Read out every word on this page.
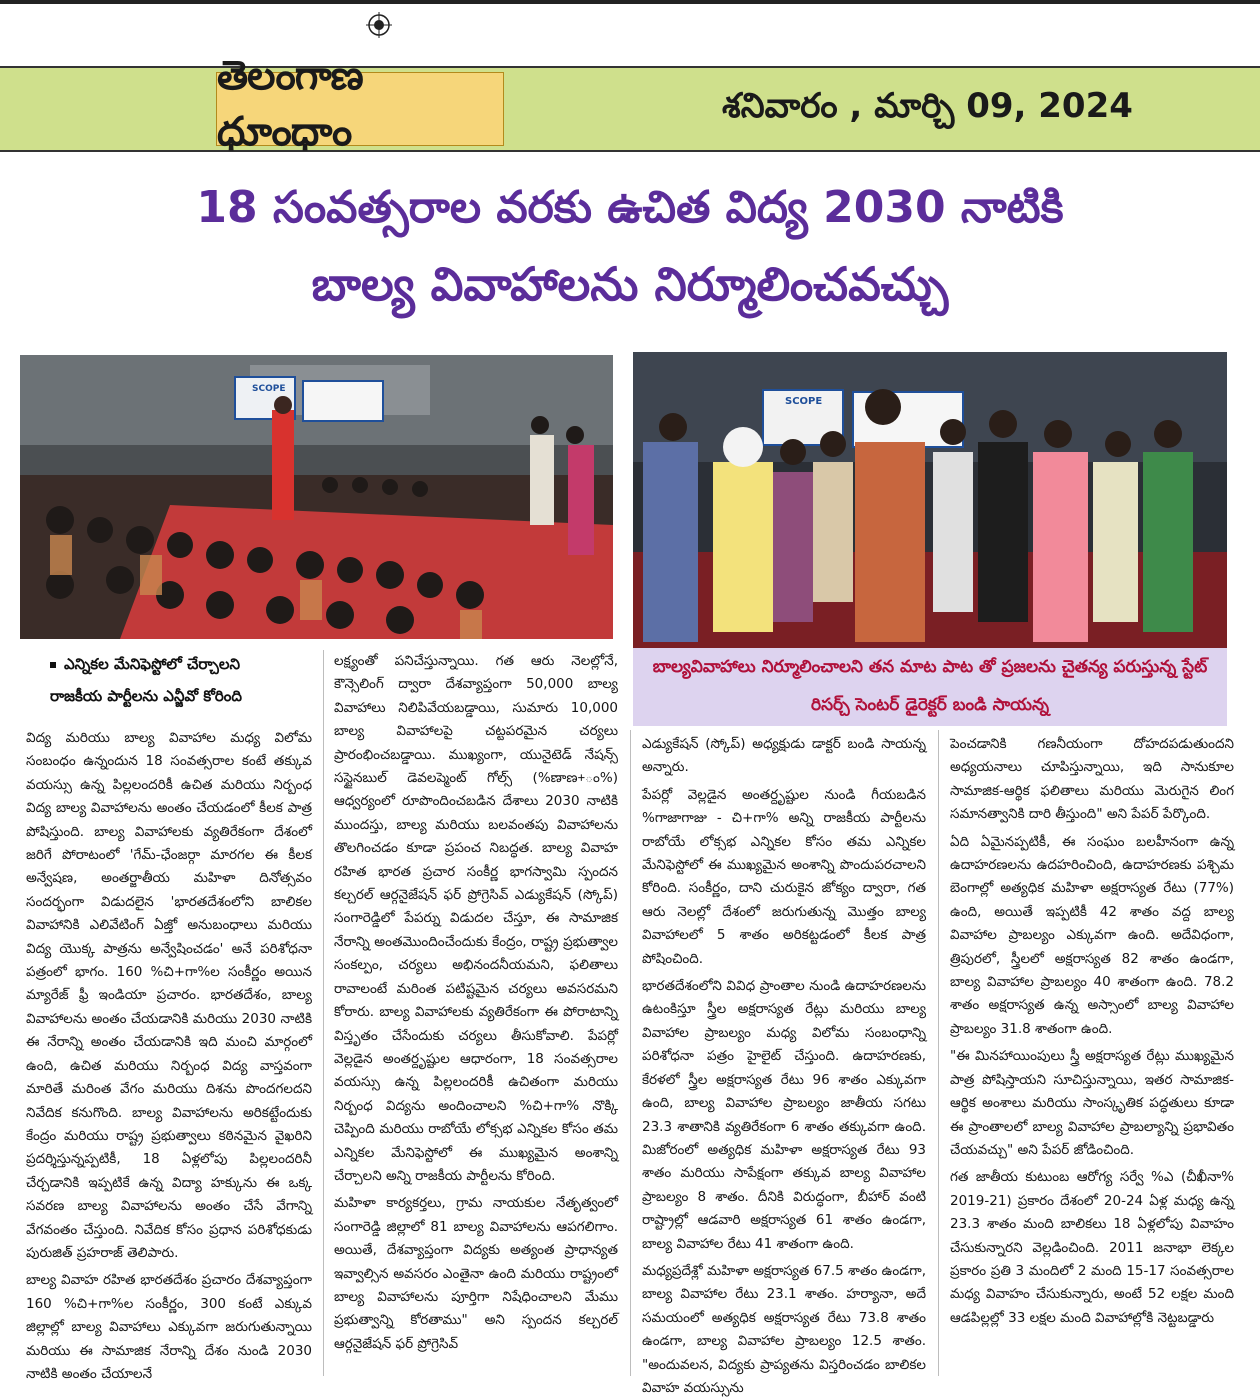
తెలంగాణ ధూంధాం
శనివారం , మార్చి 09, 2024
18 సంవత్సరాల వరకు ఉచిత విద్య 2030 నాటికి
బాల్య వివాహాలను నిర్మూలించవచ్చు
SCOPE
SCOPE
ఎన్నికల మేనిఫెస్టోలో చేర్చాలని
రాజకీయ పార్టీలను ఎన్జీవో కోరింది
బాల్యవివాహాలు నిర్మూలించాలని తన మాట పాట తో ప్రజలను చైతన్య పరుస్తున్న స్టేట్ రిసర్చ్ సెంటర్ డైరెక్టర్ బండి సాయన్న

విద్య మరియు బాల్య వివాహాల మధ్య విలోమ సంబంధం ఉన్నందున 18 సంవత్సరాల కంటే తక్కువ వయస్సు ఉన్న పిల్లలందరికీ ఉచిత మరియు నిర్బంధ విద్య బాల్య వివాహాలను అంతం చేయడంలో కీలక పాత్ర పోషిస్తుంది. బాల్య వివాహాలకు వ్యతిరేకంగా దేశంలో జరిగే పోరాటంలో 'గేమ్-ఛేంజర్గా మారగల ఈ కీలక అన్వేషణ, అంతర్జాతీయ మహిళా దినోత్సవం సందర్భంగా విడుదలైన 'భారతదేశంలోని బాలికల వివాహానికి ఎలివేటింగ్ ఏజ్తో అనుబంధాలు మరియు విద్య యొక్క పాత్రను అన్వేషించడం' అనే పరిశోధనా పత్రంలో భాగం. 160 %చి+గా%ల సంకీర్ణం అయిన మ్యారేజ్ ఫ్రీ ఇండియా ప్రచారం. భారతదేశం, బాల్య వివాహాలను అంతం చేయడానికి మరియు 2030 నాటికి ఈ నేరాన్ని అంతం చేయడానికి ఇది మంచి మార్గంలో ఉంది, ఉచిత మరియు నిర్బంధ విద్య వాస్తవంగా మారితే మరింత వేగం మరియు దిశను పొందగలదని నివేదిక కనుగొంది. బాల్య వివాహాలను అరికట్టేందుకు కేంద్రం మరియు రాష్ట్ర ప్రభుత్వాలు కఠినమైన వైఖరిని ప్రదర్శిస్తున్నప్పటికీ, 18 ఏళ్లలోపు పిల్లలందరినీ చేర్చడానికి ఇప్పటికే ఉన్న విద్యా హక్కును ఈ ఒక్క సవరణ బాల్య వివాహాలను అంతం చేసే వేగాన్ని వేగవంతం చేస్తుంది. నివేదిక కోసం ప్రధాన పరిశోధకుడు పురుజిత్ ప్రహరాజ్ తెలిపారు.

బాల్య వివాహ రహిత భారతదేశం ప్రచారం దేశవ్యాప్తంగా 160 %చి+గా%ల సంకీర్ణం, 300 కంటే ఎక్కువ జిల్లాల్లో బాల్య వివాహాలు ఎక్కువగా జరుగుతున్నాయి మరియు ఈ సామాజిక నేరాన్ని దేశం నుండి 2030 నాటికి అంతం చేయాలనే

లక్ష్యంతో పనిచేస్తున్నాయి. గత ఆరు నెలల్లోనే, కౌన్సెలింగ్ ద్వారా దేశవ్యాప్తంగా 50,000 బాల్య వివాహాలు నిలిపివేయబడ్డాయి, సుమారు 10,000 బాల్య వివాహాలపై చట్టపరమైన చర్యలు ప్రారంభించబడ్డాయి. ముఖ్యంగా, యునైటెడ్ నేషన్స్ సస్టైనబుల్ డెవలప్మెంట్ గోల్స్ (%ణాణ+ం%) ఆధ్వర్యంలో రూపొందించబడిన దేశాలు 2030 నాటికి ముందస్తు, బాల్య మరియు బలవంతపు వివాహాలను తొలగించడం కూడా ప్రపంచ నిబద్ధత. బాల్య వివాహ రహిత భారత ప్రచార సంకీర్ణ భాగస్వామి స్పందన కల్చరల్ ఆర్గనైజేషన్ ఫర్ ప్రోగ్రెసివ్ ఎడ్యుకేషన్ (స్కోప్) సంగారెడ్డిలో పేపర్ను విడుదల చేస్తూ, ఈ సామాజిక నేరాన్ని అంతమొందించేందుకు కేంద్రం, రాష్ట్ర ప్రభుత్వాల సంకల్పం, చర్యలు అభినందనీయమని, ఫలితాలు రావాలంటే మరింత పటిష్టమైన చర్యలు అవసరమని కోరారు. బాల్య వివాహాలకు వ్యతిరేకంగా ఈ పోరాటాన్ని విస్తృతం చేసేందుకు చర్యలు తీసుకోవాలి. పేపర్లో వెల్లడైన అంతర్దృష్టుల ఆధారంగా, 18 సంవత్సరాల వయస్సు ఉన్న పిల్లలందరికీ ఉచితంగా మరియు నిర్బంధ విద్యను అందించాలని %చి+గా% నొక్కి చెప్పింది మరియు రాబోయే లోక్సభ ఎన్నికల కోసం తమ ఎన్నికల మేనిఫెస్టోలో ఈ ముఖ్యమైన అంశాన్ని చేర్చాలని అన్ని రాజకీయ పార్టీలను కోరింది.

మహిళా కార్యకర్తలు, గ్రామ నాయకుల నేతృత్వంలో సంగారెడ్డి జిల్లాలో 81 బాల్య వివాహాలను ఆపగలిగాం. అయితే, దేశవ్యాప్తంగా విద్యకు అత్యంత ప్రాధాన్యత ఇవ్వాల్సిన అవసరం ఎంతైనా ఉంది మరియు రాష్ట్రంలో బాల్య వివాహాలను పూర్తిగా నిషేధించాలని మేము ప్రభుత్వాన్ని కోరతాము" అని స్పందన కల్చరల్ ఆర్గనైజేషన్ ఫర్ ప్రోగ్రెసివ్

ఎడ్యుకేషన్ (స్కోప్) అధ్యక్షుడు డాక్టర్ బండి సాయన్న అన్నారు.

పేపర్లో వెల్లడైన అంతర్దృష్టుల నుండి గీయబడిన %గాజాగాజు - చి+గా% అన్ని రాజకీయ పార్టీలను రాబోయే లోక్సభ ఎన్నికల కోసం తమ ఎన్నికల మేనిఫెస్టోలో ఈ ముఖ్యమైన అంశాన్ని పొందుపరచాలని కోరింది. సంకీర్ణం, దాని చురుకైన జోక్యం ద్వారా, గత ఆరు నెలల్లో దేశంలో జరుగుతున్న మొత్తం బాల్య వివాహాలలో 5 శాతం అరికట్టడంలో కీలక పాత్ర పోషించింది.

భారతదేశంలోని వివిధ ప్రాంతాల నుండి ఉదాహరణలను ఉటంకిస్తూ స్త్రీల అక్షరాస్యత రేట్లు మరియు బాల్య వివాహాల ప్రాబల్యం మధ్య విలోమ సంబంధాన్ని పరిశోధనా పత్రం హైలైట్ చేస్తుంది. ఉదాహరణకు, కేరళలో స్త్రీల అక్షరాస్యత రేటు 96 శాతం ఎక్కువగా ఉంది, బాల్య వివాహాల ప్రాబల్యం జాతీయ సగటు 23.3 శాతానికి వ్యతిరేకంగా 6 శాతం తక్కువగా ఉంది. మిజోరంలో అత్యధిక మహిళా అక్షరాస్యత రేటు 93 శాతం మరియు సాపేక్షంగా తక్కువ బాల్య వివాహాల ప్రాబల్యం 8 శాతం. దీనికి విరుద్ధంగా, బీహార్ వంటి రాష్ట్రాల్లో ఆడవారి అక్షరాస్యత 61 శాతం ఉండగా, బాల్య వివాహాల రేటు 41 శాతంగా ఉంది.

మధ్యప్రదేశ్లో మహిళా అక్షరాస్యత 67.5 శాతం ఉండగా, బాల్య వివాహాల రేటు 23.1 శాతం. హర్యానా, అదే సమయంలో అత్యధిక అక్షరాస్యత రేటు 73.8 శాతం ఉండగా, బాల్య వివాహాల ప్రాబల్యం 12.5 శాతం. "అందువలన, విద్యకు ప్రాప్యతను విస్తరించడం బాలికల వివాహ వయస్సును

పెంచడానికి గణనీయంగా దోహదపడుతుందని అధ్యయనాలు చూపిస్తున్నాయి, ఇది సానుకూల సామాజిక-ఆర్థిక ఫలితాలు మరియు మెరుగైన లింగ సమానత్వానికి దారి తీస్తుంది" అని పేపర్ పేర్కొంది.

ఏది ఏమైనప్పటికీ, ఈ సంఘం బలహీనంగా ఉన్న ఉదాహరణలను ఉదహరించింది, ఉదాహరణకు పశ్చిమ బెంగాల్లో అత్యధిక మహిళా అక్షరాస్యత రేటు (77%) ఉంది, అయితే ఇప్పటికీ 42 శాతం వద్ద బాల్య వివాహాల ప్రాబల్యం ఎక్కువగా ఉంది. అదేవిధంగా, త్రిపురలో, స్త్రీలలో అక్షరాస్యత 82 శాతం ఉండగా, బాల్య వివాహాల ప్రాబల్యం 40 శాతంగా ఉంది. 78.2 శాతం అక్షరాస్యత ఉన్న అస్సాంలో బాల్య వివాహాల ప్రాబల్యం 31.8 శాతంగా ఉంది.

"ఈ మినహాయింపులు స్త్రీ అక్షరాస్యత రేట్లు ముఖ్యమైన పాత్ర పోషిస్తాయని సూచిస్తున్నాయి, ఇతర సామాజిక-ఆర్థిక అంశాలు మరియు సాంస్కృతిక పద్ధతులు కూడా ఈ ప్రాంతాలలో బాల్య వివాహాల ప్రాబల్యాన్ని ప్రభావితం చేయవచ్చు" అని పేపర్ జోడించింది.

గత జాతీయ కుటుంబ ఆరోగ్య సర్వే %ఎ (చీఖీనా% 2019-21) ప్రకారం దేశంలో 20-24 ఏళ్ల మధ్య ఉన్న 23.3 శాతం మంది బాలికలు 18 ఏళ్లలోపు వివాహం చేసుకున్నారని వెల్లడించింది. 2011 జనాభా లెక్కల ప్రకారం ప్రతి 3 మందిలో 2 మంది 15-17 సంవత్సరాల మధ్య వివాహం చేసుకున్నారు, అంటే 52 లక్షల మంది ఆడపిల్లల్లో 33 లక్షల మంది వివాహాల్లోకి నెట్టబడ్డారు
